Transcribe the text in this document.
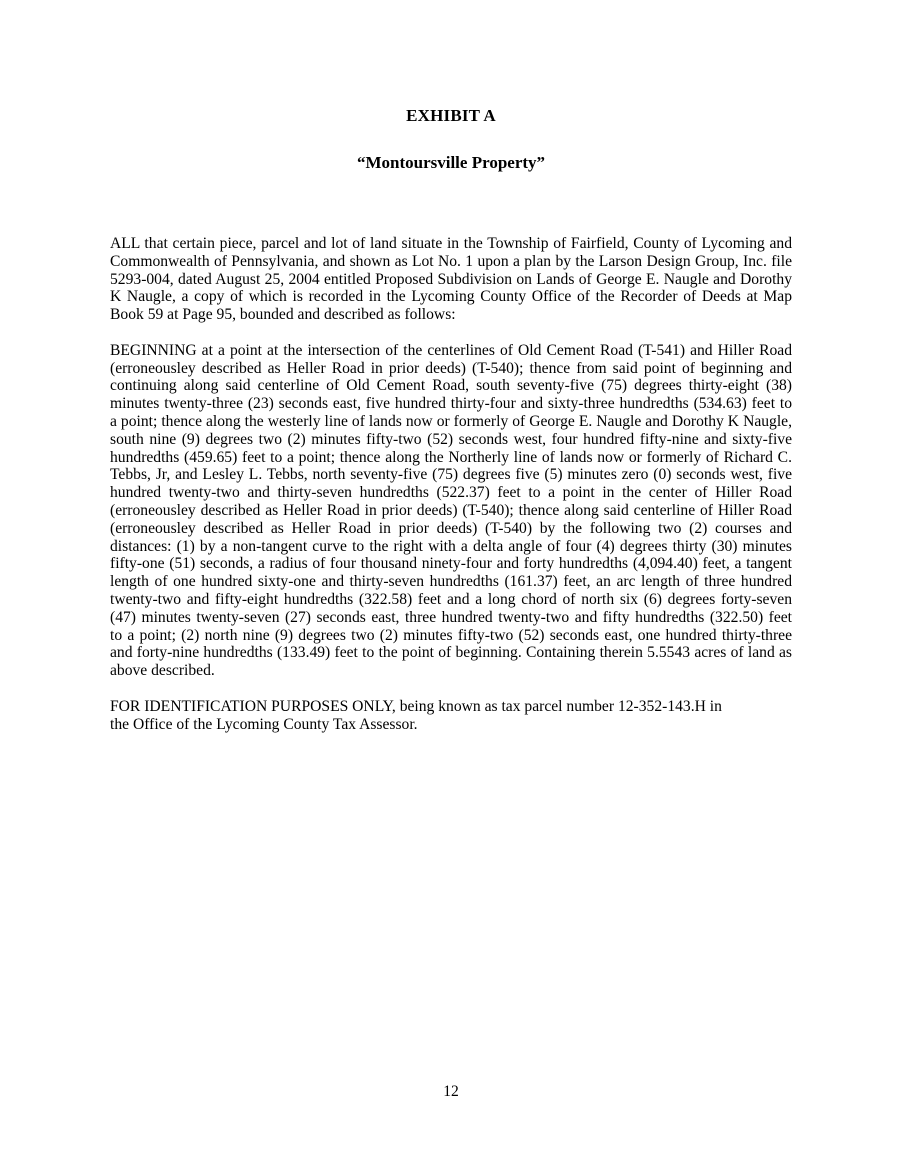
EXHIBIT A
“Montoursville Property”
ALL that certain piece, parcel and lot of land situate in the Township of Fairfield, County of Lycoming and
Commonwealth of Pennsylvania, and shown as Lot No. 1 upon a plan by the Larson Design Group, Inc. file
5293-004, dated August 25, 2004 entitled Proposed Subdivision on Lands of George E. Naugle and Dorothy
K Naugle, a copy of which is recorded in the Lycoming County Office of the Recorder of Deeds at Map
Book 59 at Page 95, bounded and described as follows:
BEGINNING at a point at the intersection of the centerlines of Old Cement Road (T-541) and Hiller Road
(erroneousley described as Heller Road in prior deeds) (T-540); thence from said point of beginning and
continuing along said centerline of Old Cement Road, south seventy-five (75) degrees thirty-eight (38)
minutes twenty-three (23) seconds east, five hundred thirty-four and sixty-three hundredths (534.63) feet to
a point; thence along the westerly line of lands now or formerly of George E. Naugle and Dorothy K Naugle,
south nine (9) degrees two (2) minutes fifty-two (52) seconds west, four hundred fifty-nine and sixty-five
hundredths (459.65) feet to a point; thence along the Northerly line of lands now or formerly of Richard C.
Tebbs, Jr, and Lesley L. Tebbs, north seventy-five (75) degrees five (5) minutes zero (0) seconds west, five
hundred twenty-two and thirty-seven hundredths (522.37) feet to a point in the center of Hiller Road
(erroneousley described as Heller Road in prior deeds) (T-540); thence along said centerline of Hiller Road
(erroneousley described as Heller Road in prior deeds) (T-540) by the following two (2) courses and
distances: (1) by a non-tangent curve to the right with a delta angle of four (4) degrees thirty (30) minutes
fifty-one (51) seconds, a radius of four thousand ninety-four and forty hundredths (4,094.40) feet, a tangent
length of one hundred sixty-one and thirty-seven hundredths (161.37) feet, an arc length of three hundred
twenty-two and fifty-eight hundredths (322.58) feet and a long chord of north six (6) degrees forty-seven
(47) minutes twenty-seven (27) seconds east, three hundred twenty-two and fifty hundredths (322.50) feet
to a point; (2) north nine (9) degrees two (2) minutes fifty-two (52) seconds east, one hundred thirty-three
and forty-nine hundredths (133.49) feet to the point of beginning. Containing therein 5.5543 acres of land as
above described.
FOR IDENTIFICATION PURPOSES ONLY, being known as tax parcel number 12-352-143.H in
the Office of the Lycoming County Tax Assessor.
12
